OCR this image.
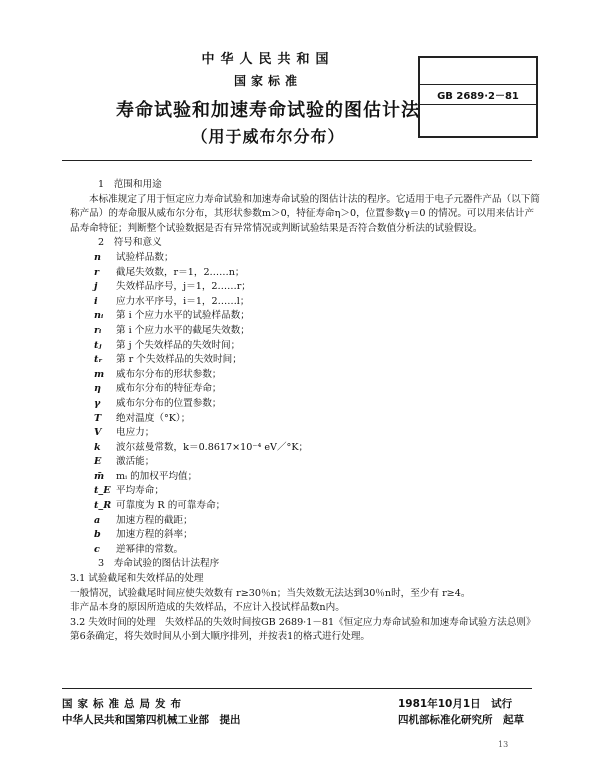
中华人民共和国
国家标准
寿命试验和加速寿命试验的图估计法
（用于威布尔分布）
GB 2689·2－81

1　范围和用途

本标准规定了用于恒定应力寿命试验和加速寿命试验的图估计法的程序。它适用于电子元器件产品（以下简称产品）的寿命服从威布尔分布，其形状参数m＞0，特征寿命η＞0，位置参数γ＝0 的情况。可以用来估计产品寿命特征；判断整个试验数据是否有异常情况或判断试验结果是否符合数值分析法的试验假设。

2　符号和意义

n	试验样品数；
r	截尾失效数，r＝1，2……n；
j	失效样品序号，j＝1，2……r；
i	应力水平序号，i＝1，2……l；
nᵢ	第 i 个应力水平的试验样品数；
rᵢ	第 i 个应力水平的截尾失效数；
tⱼ	第 j 个失效样品的失效时间；
tᵣ	第 r 个失效样品的失效时间；
m	威布尔分布的形状参数；
η	威布尔分布的特征寿命；
γ	威布尔分布的位置参数；
T	绝对温度（°K）；
V	电应力；
k	波尔兹曼常数，k＝0.8617×10⁻⁴ eV／°K；
E	激活能；
m̄	mᵢ 的加权平均值；
t_E 平均寿命；
t_R 可靠度为 R 的可靠寿命；
a	加速方程的截距；
b	加速方程的斜率；
c	逆幂律的常数。

3　寿命试验的图估计法程序

3.1 试验截尾和失效样品的处理

一般情况，试验截尾时间应使失效数有 r≥30％n；当失效数无法达到30％n时，至少有 r≥4。

非产品本身的原因所造成的失效样品，不应计入投试样品数n内。

3.2 失效时间的处理　失效样品的失效时间按GB 2689·1－81《恒定应力寿命试验和加速寿命试验方法总则》第6条确定，将失效时间从小到大顺序排列，并按表1的格式进行处理。

国家标准总局发布
中华人民共和国第四机械工业部　提出
1981年10月1日　试行
四机部标准化研究所　起草
13
